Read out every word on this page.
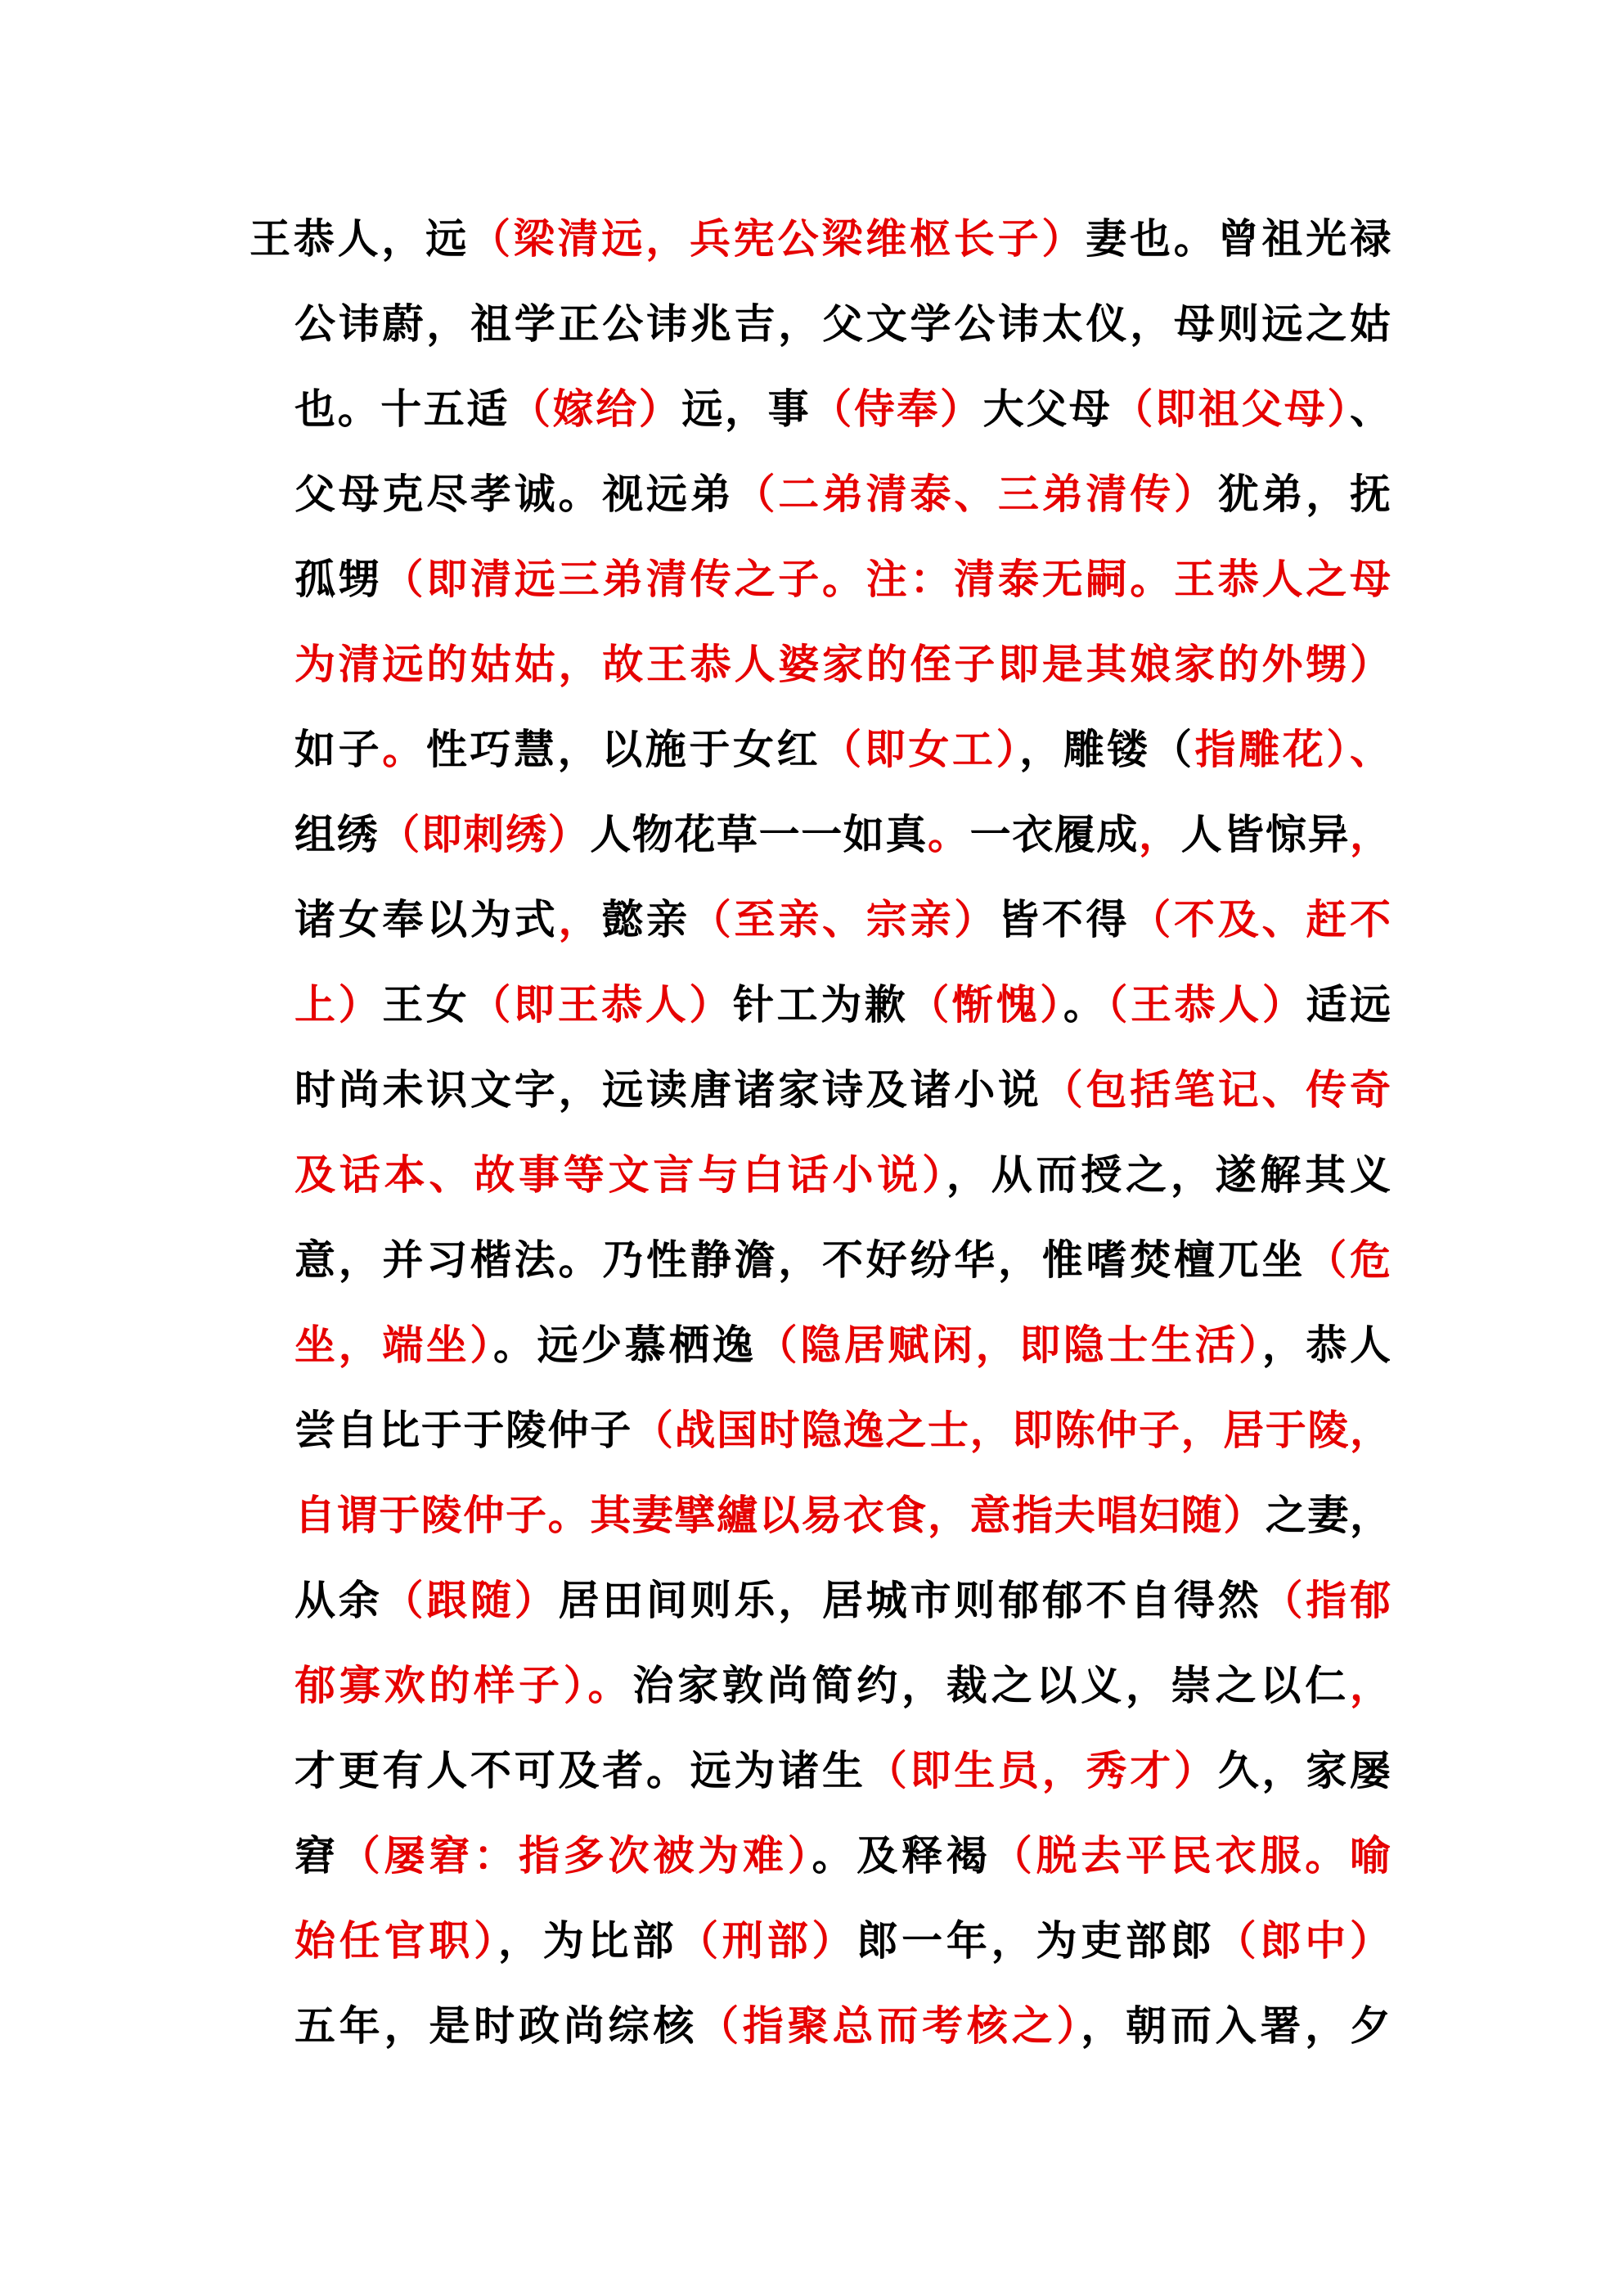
王恭人，远（梁清远，兵宪公梁维枢长子）妻也。曾祖光禄
公讳蔚，祖学正公讳兆吉，父文学公讳太仪，母则远之姑
也。十五适（嫁给）远，事（侍奉）大父母（即祖父母）、
父母克尽孝诚。视远弟（二弟清泰、三弟清传）犹弟，抚
孤甥（即清远三弟清传之子。注：清泰无嗣。王恭人之母
为清远的姑姑，故王恭人婆家的侄子即是其娘家的外甥）
如子。性巧慧，以施于女红（即女工），雕镂（指雕花）、
组绣（即刺绣）人物花草一一如真。一衣履成，人皆惊异，
诸女奉以为式，懿亲（至亲、宗亲）皆不得（不及、赶不
上）王女（即王恭人）针工为歉（惭愧）。（王恭人）适远
时尚未识文字，远读唐诸家诗及诸小说（包括笔记、传奇
及话本、故事等文言与白话小说），从而授之，遂解其义
意，并习楷法。乃性静澹，不好纷华，惟嗜焚檀兀坐（危
坐，端坐）。远少慕栖逸（隐居赋闲，即隐士生活），恭人
尝自比于于陵仲子（战国时隐逸之士，即陈仲子，居于陵，
自谓于陵仲子。其妻擘纑以易衣食，意指夫唱妇随）之妻，
从余（跟随）居田间则乐，居城市则郁郁不自得然（指郁
郁寡欢的样子）。治家敦尚简约，裁之以义，崇之以仁，
才更有人不可及者。远为诸生（即生员，秀才）久，家屡
窘（屡窘：指多次被为难）。及释褐（脱去平民衣服。喻
始任官职），为比部（刑部）郎一年，为吏部郎（郎中）
五年，是时政尚综核（指聚总而考核之），朝而入署，夕
